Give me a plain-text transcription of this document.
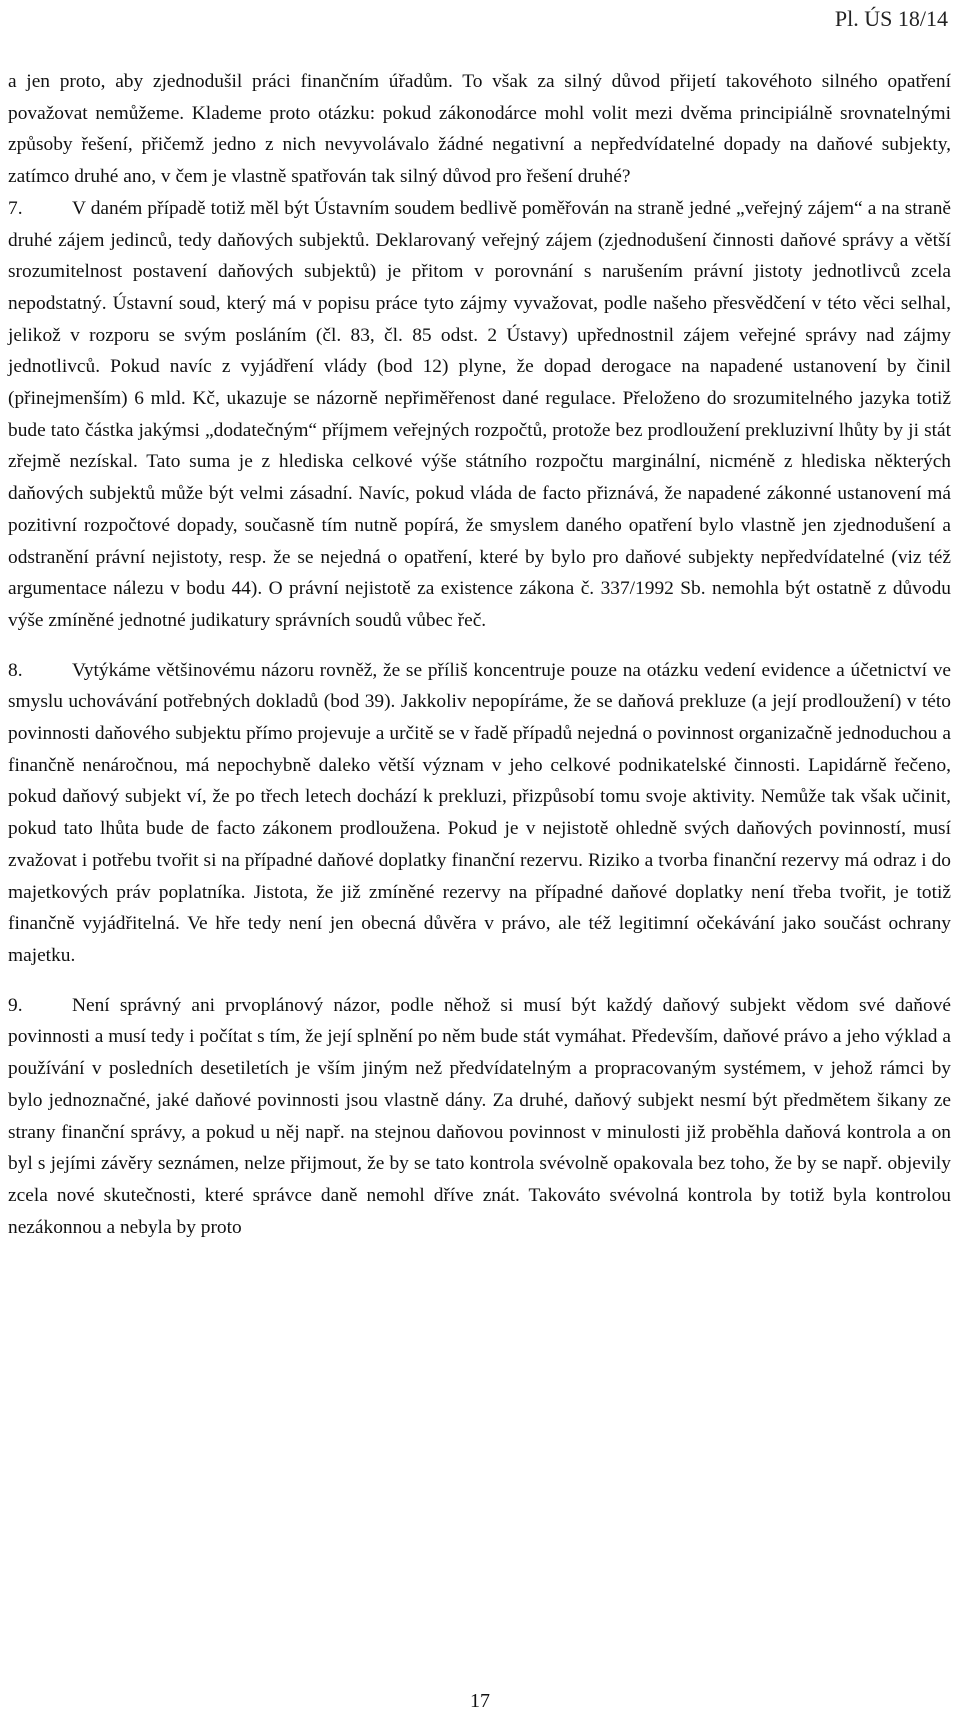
Pl. ÚS 18/14

a jen proto, aby zjednodušil práci finančním úřadům. To však za silný důvod přijetí takovéhoto silného opatření považovat nemůžeme. Klademe proto otázku: pokud zákonodárce mohl volit mezi dvěma principiálně srovnatelnými způsoby řešení, přičemž jedno z nich nevyvolávalo žádné negativní a nepředvídatelné dopady na daňové subjekty, zatímco druhé ano, v čem je vlastně spatřován tak silný důvod pro řešení druhé?

7.	V daném případě totiž měl být Ústavním soudem bedlivě poměřován na straně jedné „veřejný zájem“ a na straně druhé zájem jedinců, tedy daňových subjektů. Deklarovaný veřejný zájem (zjednodušení činnosti daňové správy a větší srozumitelnost postavení daňových subjektů) je přitom v porovnání s narušením právní jistoty jednotlivců zcela nepodstatný. Ústavní soud, který má v popisu práce tyto zájmy vyvažovat, podle našeho přesvědčení v této věci selhal, jelikož v rozporu se svým posláním (čl. 83, čl. 85 odst. 2 Ústavy) upřednostnil zájem veřejné správy nad zájmy jednotlivců. Pokud navíc z vyjádření vlády (bod 12) plyne, že dopad derogace na napadené ustanovení by činil (přinejmenším) 6 mld. Kč, ukazuje se názorně nepřiměřenost dané regulace. Přeloženo do srozumitelného jazyka totiž bude tato částka jakýmsi „dodatečným“ příjmem veřejných rozpočtů, protože bez prodloužení prekluzivní lhůty by ji stát zřejmě nezískal. Tato suma je z hlediska celkové výše státního rozpočtu marginální, nicméně z hlediska některých daňových subjektů může být velmi zásadní. Navíc, pokud vláda de facto přiznává, že napadené zákonné ustanovení má pozitivní rozpočtové dopady, současně tím nutně popírá, že smyslem daného opatření bylo vlastně jen zjednodušení a odstranění právní nejistoty, resp. že se nejedná o opatření, které by bylo pro daňové subjekty nepředvídatelné (viz též argumentace nálezu v bodu 44). O právní nejistotě za existence zákona č. 337/1992 Sb. nemohla být ostatně z důvodu výše zmíněné jednotné judikatury správních soudů vůbec řeč.

8.	Vytýkáme většinovému názoru rovněž, že se příliš koncentruje pouze na otázku vedení evidence a účetnictví ve smyslu uchovávání potřebných dokladů (bod 39). Jakkoliv nepopíráme, že se daňová prekluze (a její prodloužení) v této povinnosti daňového subjektu přímo projevuje a určitě se v řadě případů nejedná o povinnost organizačně jednoduchou a finančně nenáročnou, má nepochybně daleko větší význam v jeho celkové podnikatelské činnosti. Lapidárně řečeno, pokud daňový subjekt ví, že po třech letech dochází k prekluzi, přizpůsobí tomu svoje aktivity. Nemůže tak však učinit, pokud tato lhůta bude de facto zákonem prodloužena. Pokud je v nejistotě ohledně svých daňových povinností, musí zvažovat i potřebu tvořit si na případné daňové doplatky finanční rezervu. Riziko a tvorba finanční rezervy má odraz i do majetkových práv poplatníka. Jistota, že již zmíněné rezervy na případné daňové doplatky není třeba tvořit, je totiž finančně vyjádřitelná. Ve hře tedy není jen obecná důvěra v právo, ale též legitimní očekávání jako součást ochrany majetku.

9.	Není správný ani prvoplánový názor, podle něhož si musí být každý daňový subjekt vědom své daňové povinnosti a musí tedy i počítat s tím, že její splnění po něm bude stát vymáhat. Především, daňové právo a jeho výklad a používání v posledních desetiletích je vším jiným než předvídatelným a propracovaným systémem, v jehož rámci by bylo jednoznačné, jaké daňové povinnosti jsou vlastně dány. Za druhé, daňový subjekt nesmí být předmětem šikany ze strany finanční správy, a pokud u něj např. na stejnou daňovou povinnost v minulosti již proběhla daňová kontrola a on byl s jejími závěry seznámen, nelze přijmout, že by se tato kontrola svévolně opakovala bez toho, že by se např. objevily zcela nové skutečnosti, které správce daně nemohl dříve znát. Takováto svévolná kontrola by totiž byla kontrolou nezákonnou a nebyla by proto

17
